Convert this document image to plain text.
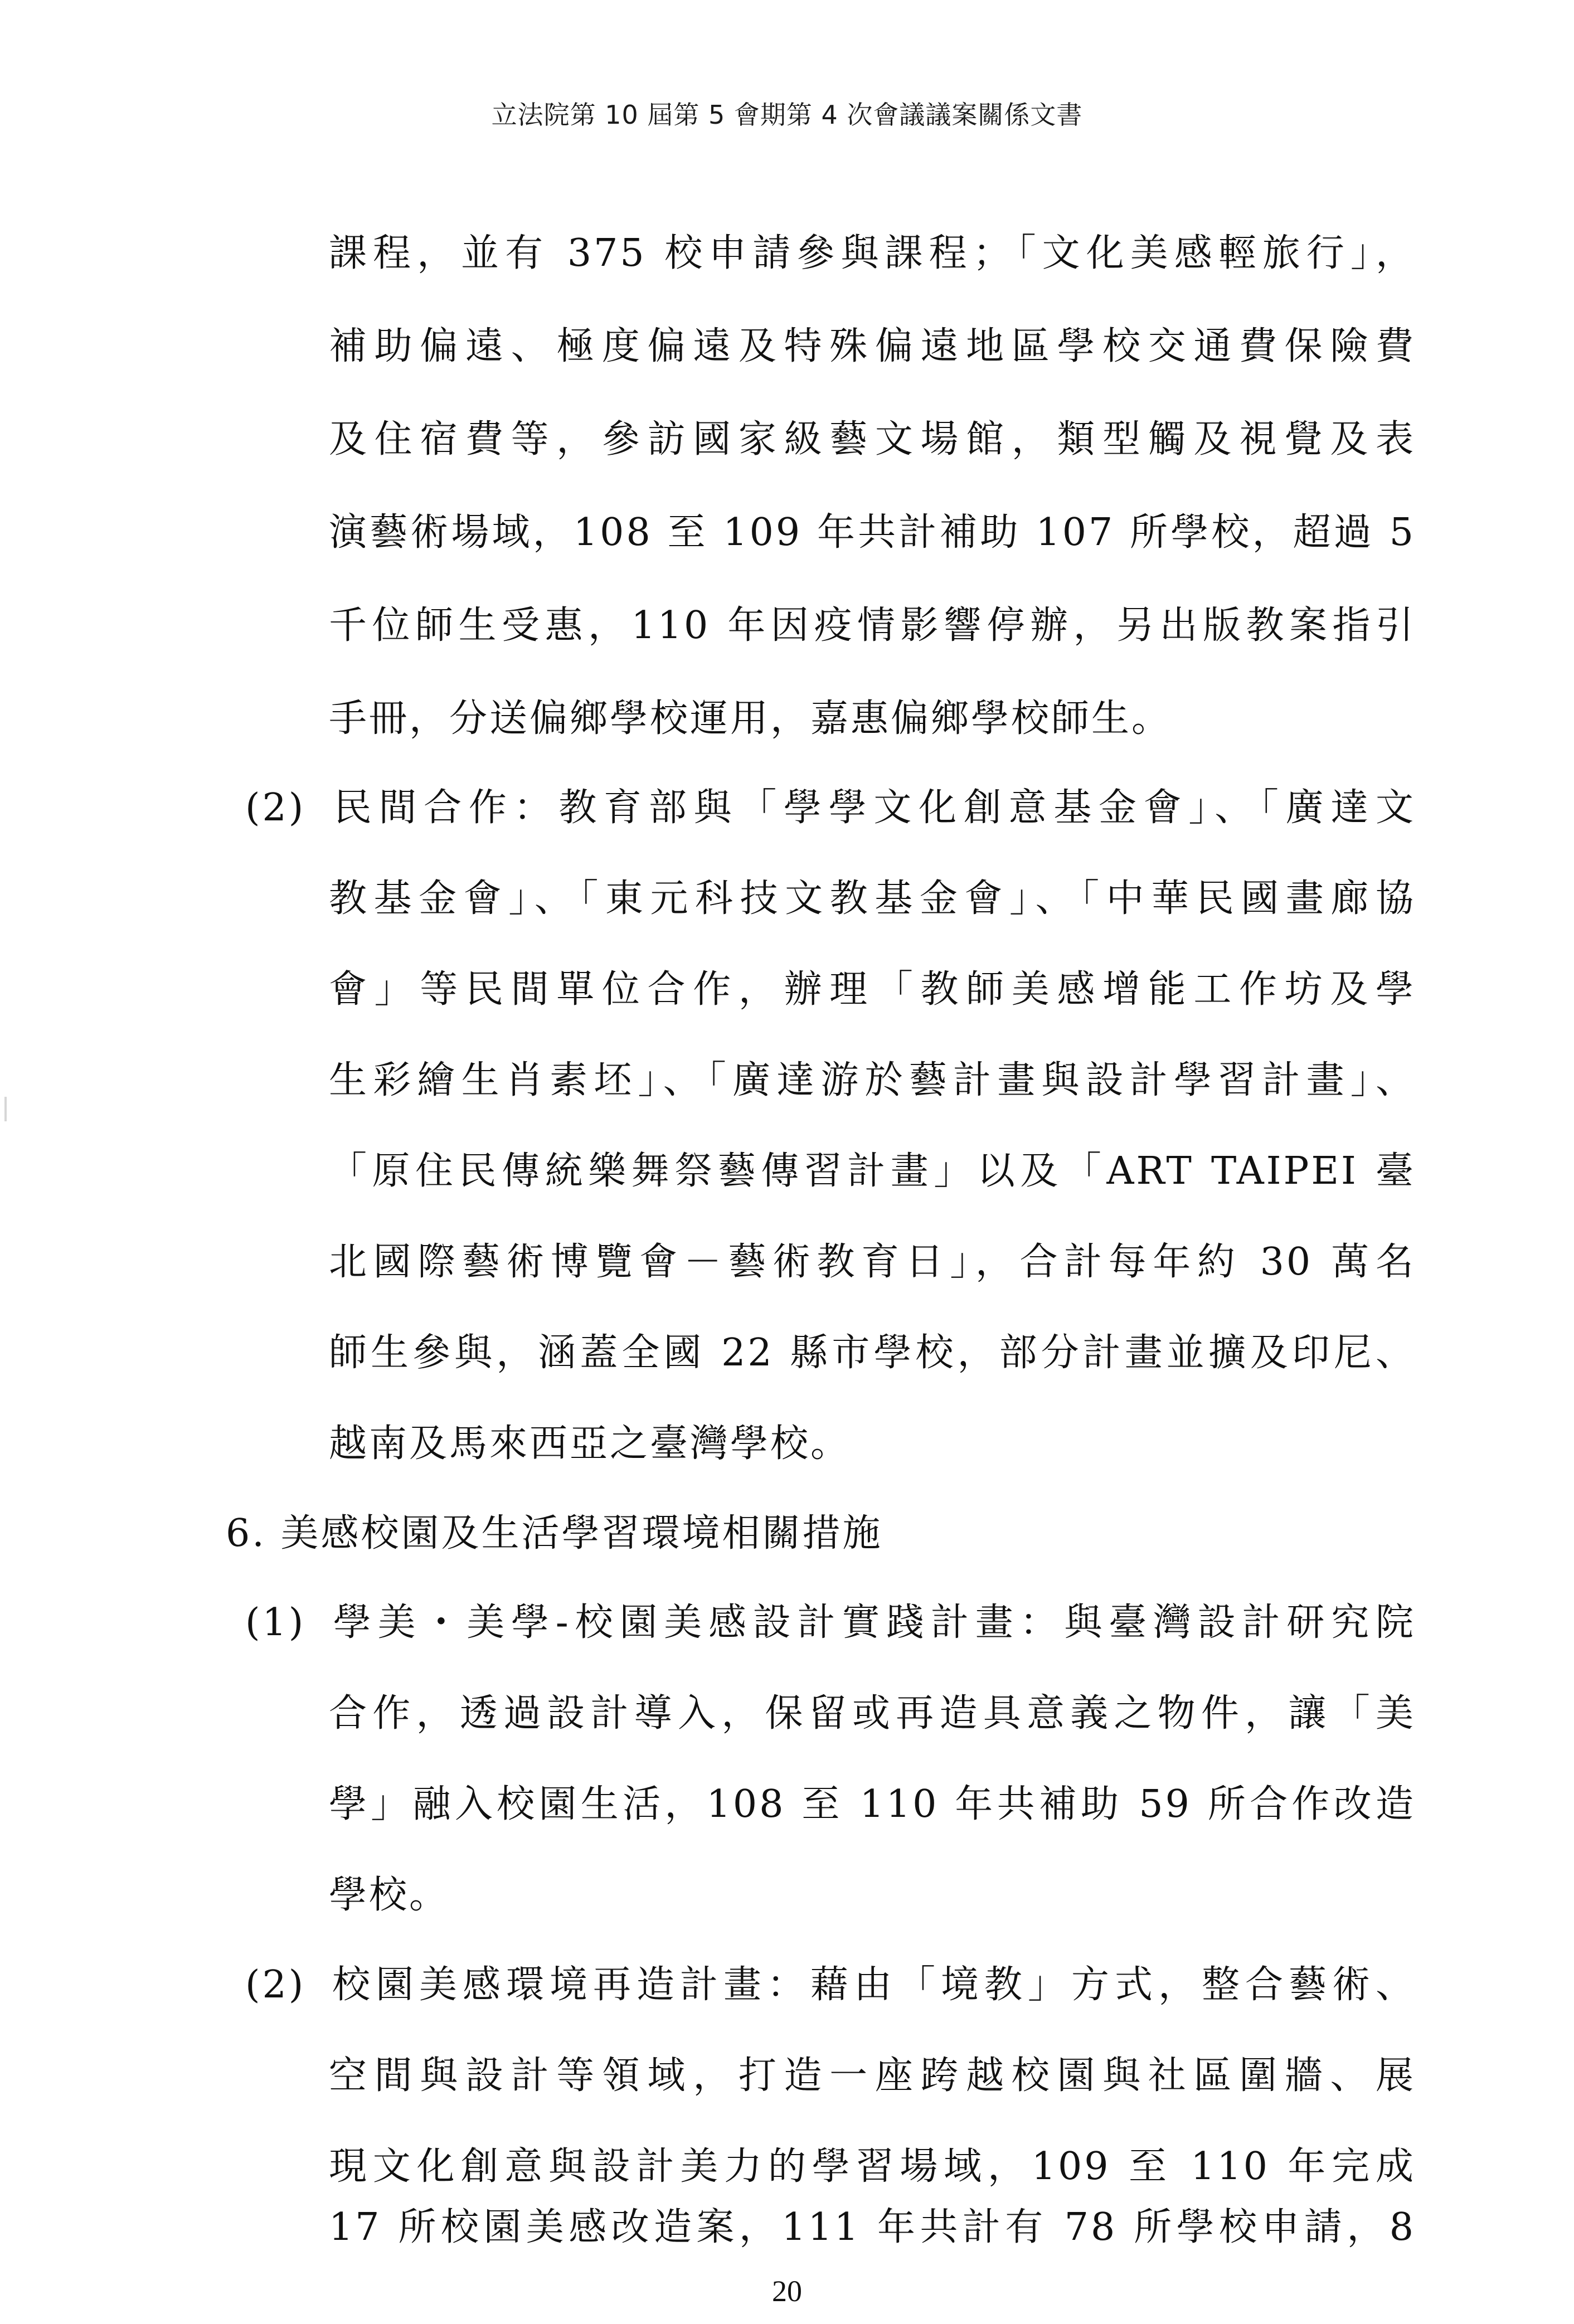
立法院第 10 屆第 5 會期第 4 次會議議案關係文書
課程，並有 375 校申請參與課程；「文化美感輕旅行」，
補助偏遠、極度偏遠及特殊偏遠地區學校交通費保險費
及住宿費等，參訪國家級藝文場館，類型觸及視覺及表
演藝術場域，108 至 109 年共計補助 107 所學校，超過 5
千位師生受惠，110 年因疫情影響停辦，另出版教案指引
手冊，分送偏鄉學校運用，嘉惠偏鄉學校師生。
(2) 民間合作：教育部與「學學文化創意基金會」、「廣達文
教基金會」、「東元科技文教基金會」、「中華民國畫廊協
會」等民間單位合作，辦理「教師美感增能工作坊及學
生彩繪生肖素坯」、「廣達游於藝計畫與設計學習計畫」、
「原住民傳統樂舞祭藝傳習計畫」以及「ART TAIPEI 臺
北國際藝術博覽會－藝術教育日」，合計每年約 30 萬名
師生參與，涵蓋全國 22 縣市學校，部分計畫並擴及印尼、
越南及馬來西亞之臺灣學校。
6. 美感校園及生活學習環境相關措施
(1) 學美・美學-校園美感設計實踐計畫：與臺灣設計研究院
合作，透過設計導入，保留或再造具意義之物件，讓「美
學」融入校園生活，108 至 110 年共補助 59 所合作改造
學校。
(2) 校園美感環境再造計畫：藉由「境教」方式，整合藝術、
空間與設計等領域，打造一座跨越校園與社區圍牆、展
現文化創意與設計美力的學習場域，109 至 110 年完成
20
17 所校園美感改造案，111 年共計有 78 所學校申請，8
